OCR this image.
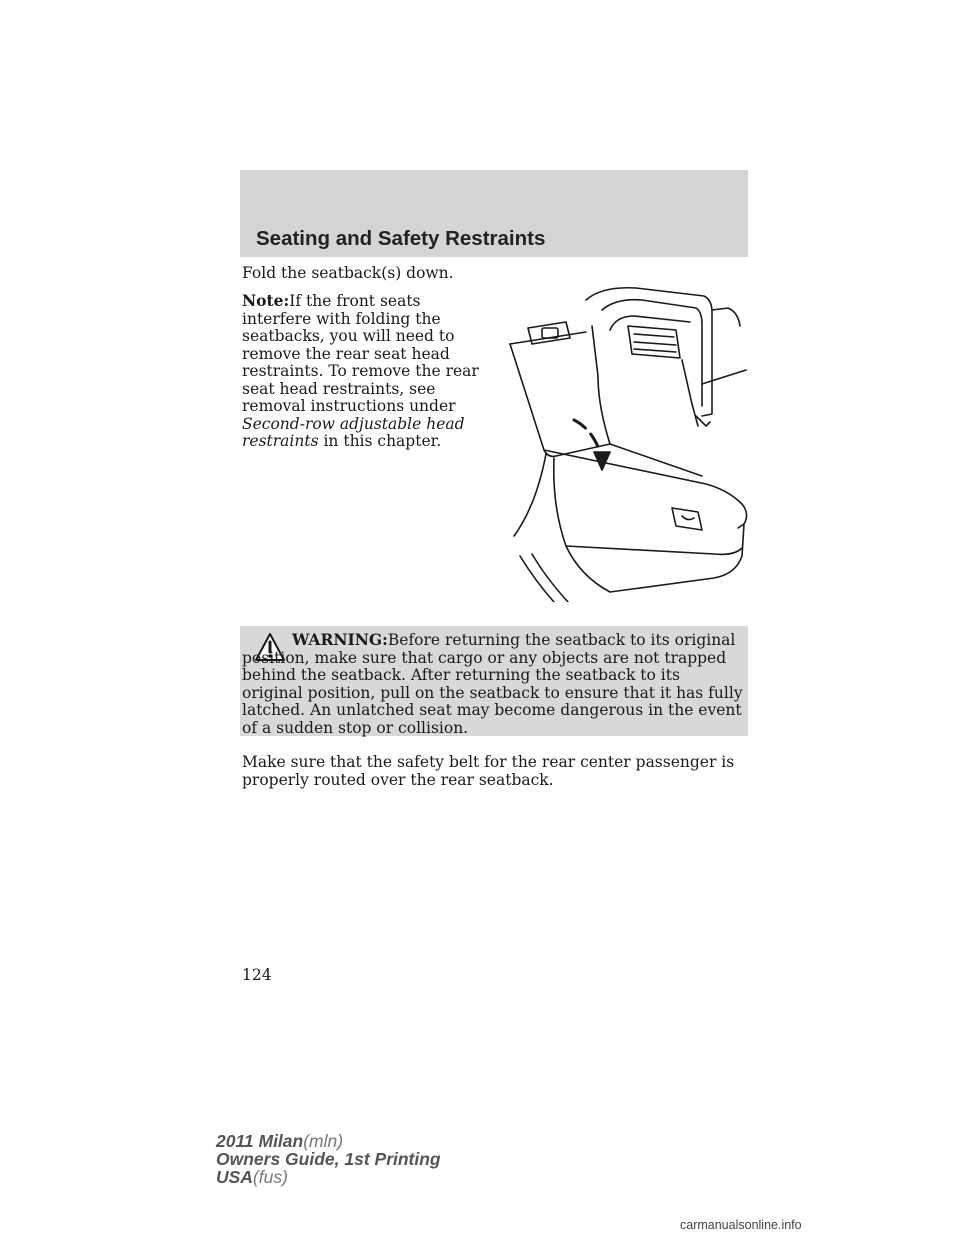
Seating and Safety Restraints
Fold the seatback(s) down.
Note:If the front seats interfere with folding the seatbacks, you will need to remove the rear seat head restraints. To remove the rear seat head restraints, see removal instructions under Second-row adjustable head restraints in this chapter.
WARNING:Before returning the seatback to its original position, make sure that cargo or any objects are not trapped behind the seatback. After returning the seatback to its original position, pull on the seatback to ensure that it has fully latched. An unlatched seat may become dangerous in the event of a sudden stop or collision.
Make sure that the safety belt for the rear center passenger is properly routed over the rear seatback.
124
2011 Milan(mln)
Owners Guide, 1st Printing
USA(fus)
carmanualsonline.info
